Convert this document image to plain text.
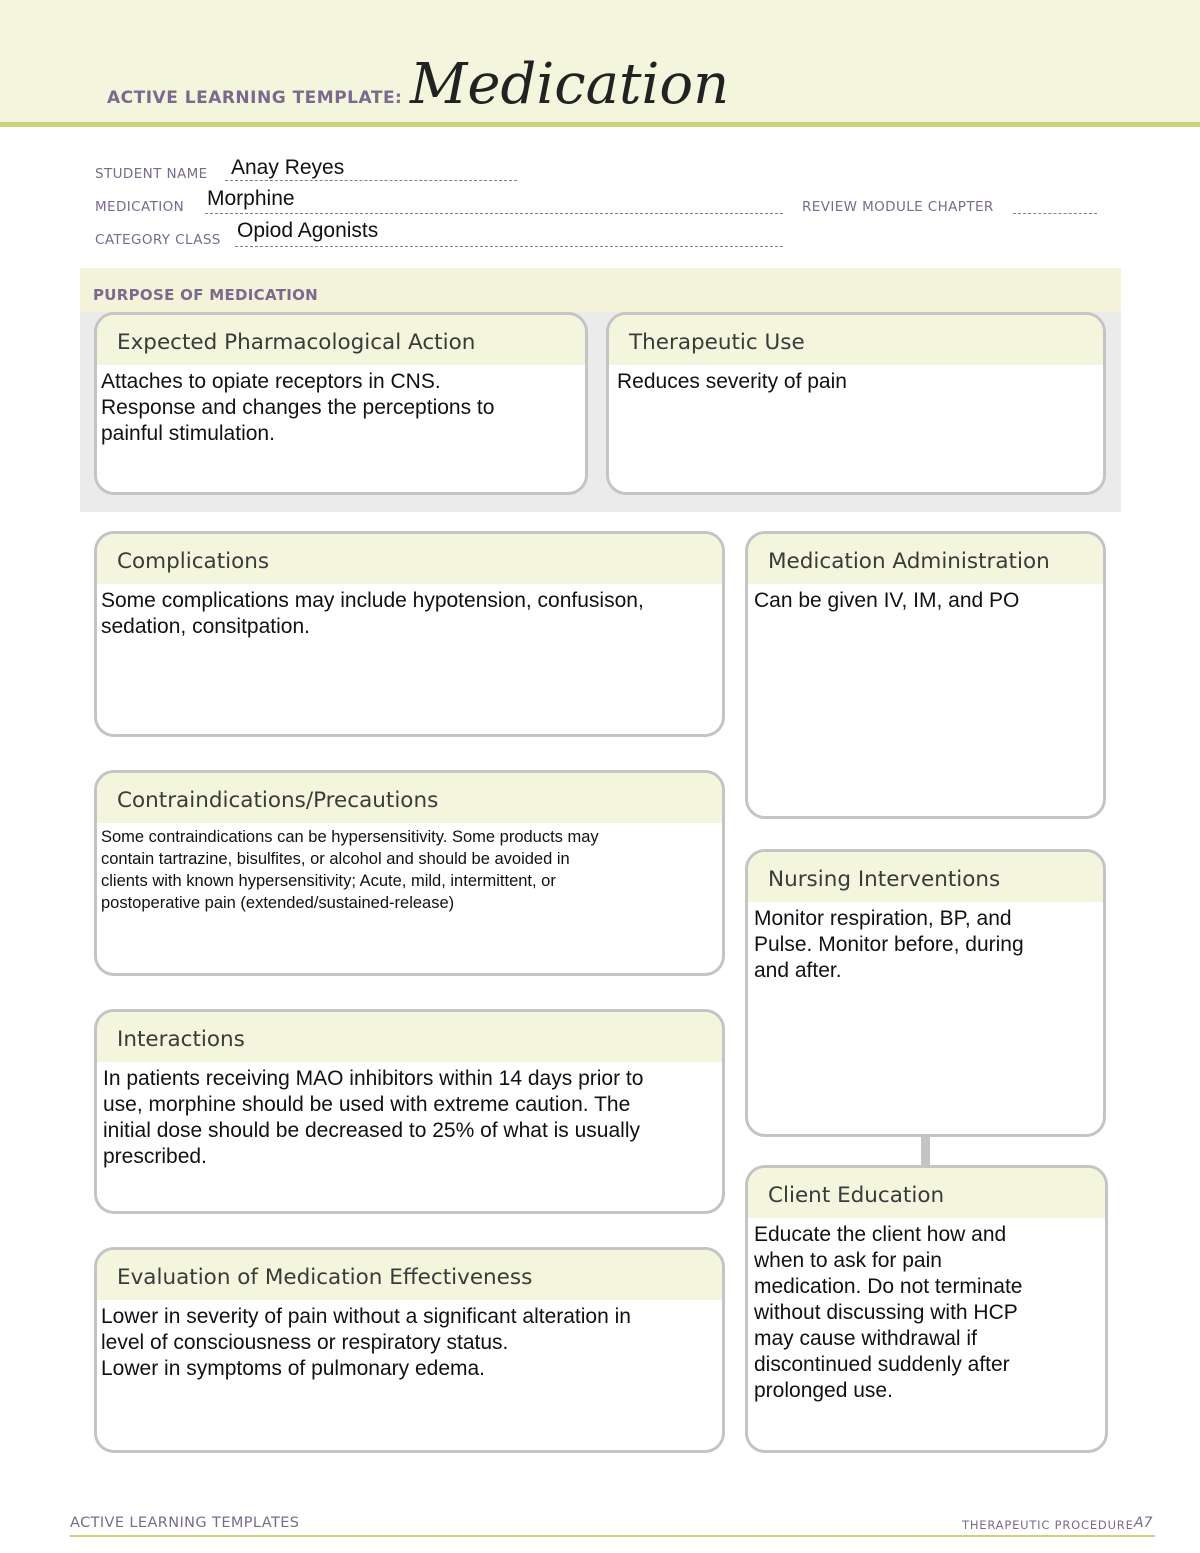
ACTIVE LEARNING TEMPLATE: Medication
STUDENT NAME Anay Reyes
MEDICATION Morphine	REVIEW MODULE CHAPTER
CATEGORY CLASS Opiod Agonists
PURPOSE OF MEDICATION
Expected Pharmacological Action
Attaches to opiate receptors in CNS.
Response and changes the perceptions to
painful stimulation.
Therapeutic Use
Reduces severity of pain
Complications
Some complications may include hypotension, confusison,
sedation, consitpation.
Contraindications/Precautions
Some contraindications can be hypersensitivity. Some products may
contain tartrazine, bisulfites, or alcohol and should be avoided in
clients with known hypersensitivity; Acute, mild, intermittent, or
postoperative pain (extended/sustained-release)
Interactions
In patients receiving MAO inhibitors within 14 days prior to
use, morphine should be used with extreme caution. The
initial dose should be decreased to 25% of what is usually
prescribed.
Evaluation of Medication Effectiveness
Lower in severity of pain without a significant alteration in
level of consciousness or respiratory status.
Lower in symptoms of pulmonary edema.
Medication Administration
Can be given IV, IM, and PO
Nursing Interventions
Monitor respiration, BP, and
Pulse. Monitor before, during
and after.
Client Education
Educate the client how and
when to ask for pain
medication. Do not terminate
without discussing with HCP
may cause withdrawal if
discontinued suddenly after
prolonged use.
ACTIVE LEARNING TEMPLATES	THERAPEUTIC PROCEDURE A7
